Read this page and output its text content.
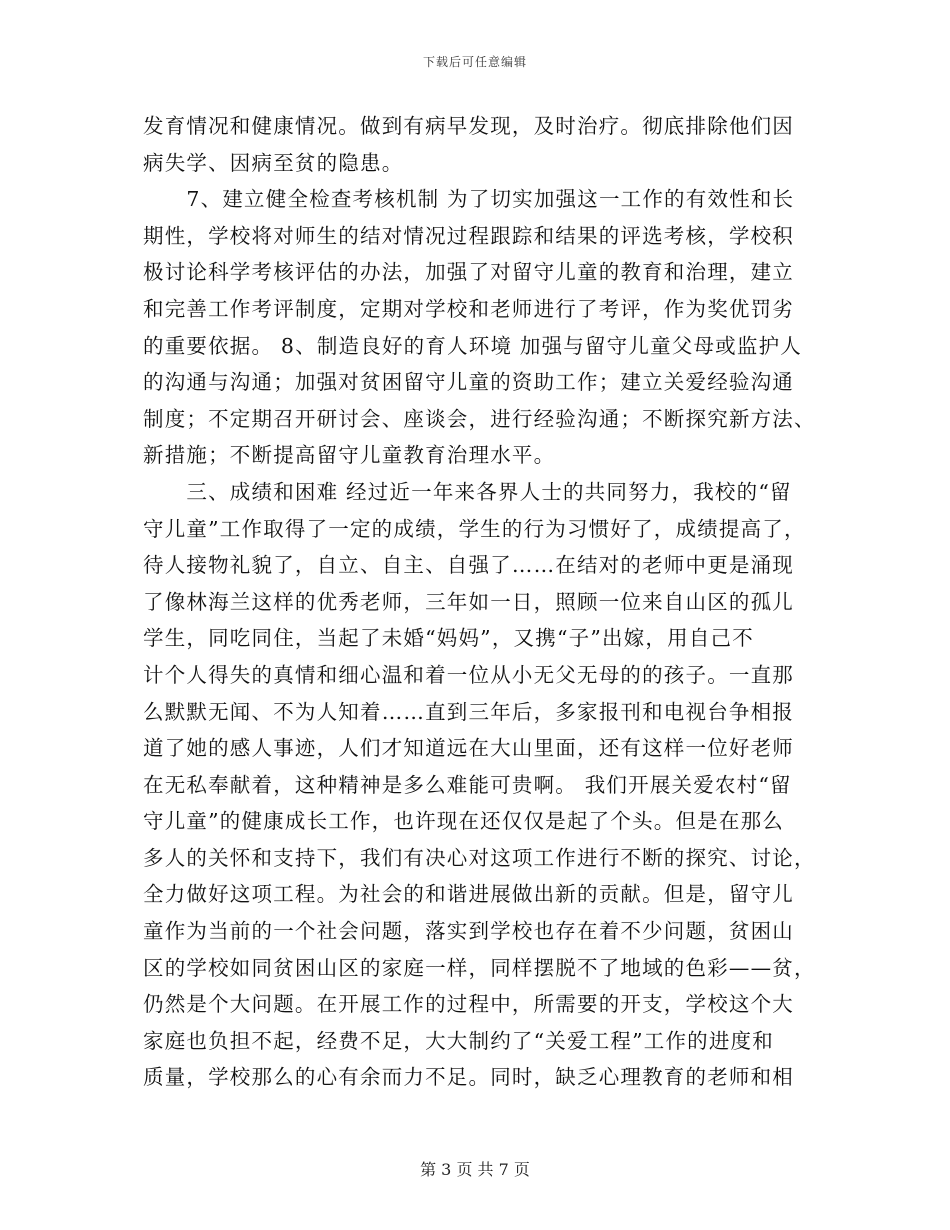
下载后可任意编辑
发育情况和健康情况。做到有病早发现，及时治疗。彻底排除他们因
病失学、因病至贫的隐患。
　　7、建立健全检查考核机制 为了切实加强这一工作的有效性和长
期性，学校将对师生的结对情况过程跟踪和结果的评选考核，学校积
极讨论科学考核评估的办法，加强了对留守儿童的教育和治理，建立
和完善工作考评制度，定期对学校和老师进行了考评，作为奖优罚劣
的重要依据。 8、制造良好的育人环境 加强与留守儿童父母或监护人
的沟通与沟通；加强对贫困留守儿童的资助工作；建立关爱经验沟通
制度；不定期召开研讨会、座谈会，进行经验沟通；不断探究新方法、
新措施；不断提高留守儿童教育治理水平。
　　三、成绩和困难 经过近一年来各界人士的共同努力，我校的“留
守儿童”工作取得了一定的成绩，学生的行为习惯好了，成绩提高了，
待人接物礼貌了，自立、自主、自强了……在结对的老师中更是涌现
了像林海兰这样的优秀老师，三年如一日，照顾一位来自山区的孤儿
学生，同吃同住，当起了未婚“妈妈”，又携“子”出嫁，用自己不
计个人得失的真情和细心温和着一位从小无父无母的的孩子。一直那
么默默无闻、不为人知着……直到三年后，多家报刊和电视台争相报
道了她的感人事迹，人们才知道远在大山里面，还有这样一位好老师
在无私奉献着，这种精神是多么难能可贵啊。 我们开展关爱农村“留
守儿童”的健康成长工作，也许现在还仅仅是起了个头。但是在那么
多人的关怀和支持下，我们有决心对这项工作进行不断的探究、讨论，
全力做好这项工程。为社会的和谐进展做出新的贡献。但是，留守儿
童作为当前的一个社会问题，落实到学校也存在着不少问题，贫困山
区的学校如同贫困山区的家庭一样，同样摆脱不了地域的色彩——贫，
仍然是个大问题。在开展工作的过程中，所需要的开支，学校这个大
家庭也负担不起，经费不足，大大制约了“关爱工程”工作的进度和
质量，学校那么的心有余而力不足。同时，缺乏心理教育的老师和相
第 3 页 共 7 页
